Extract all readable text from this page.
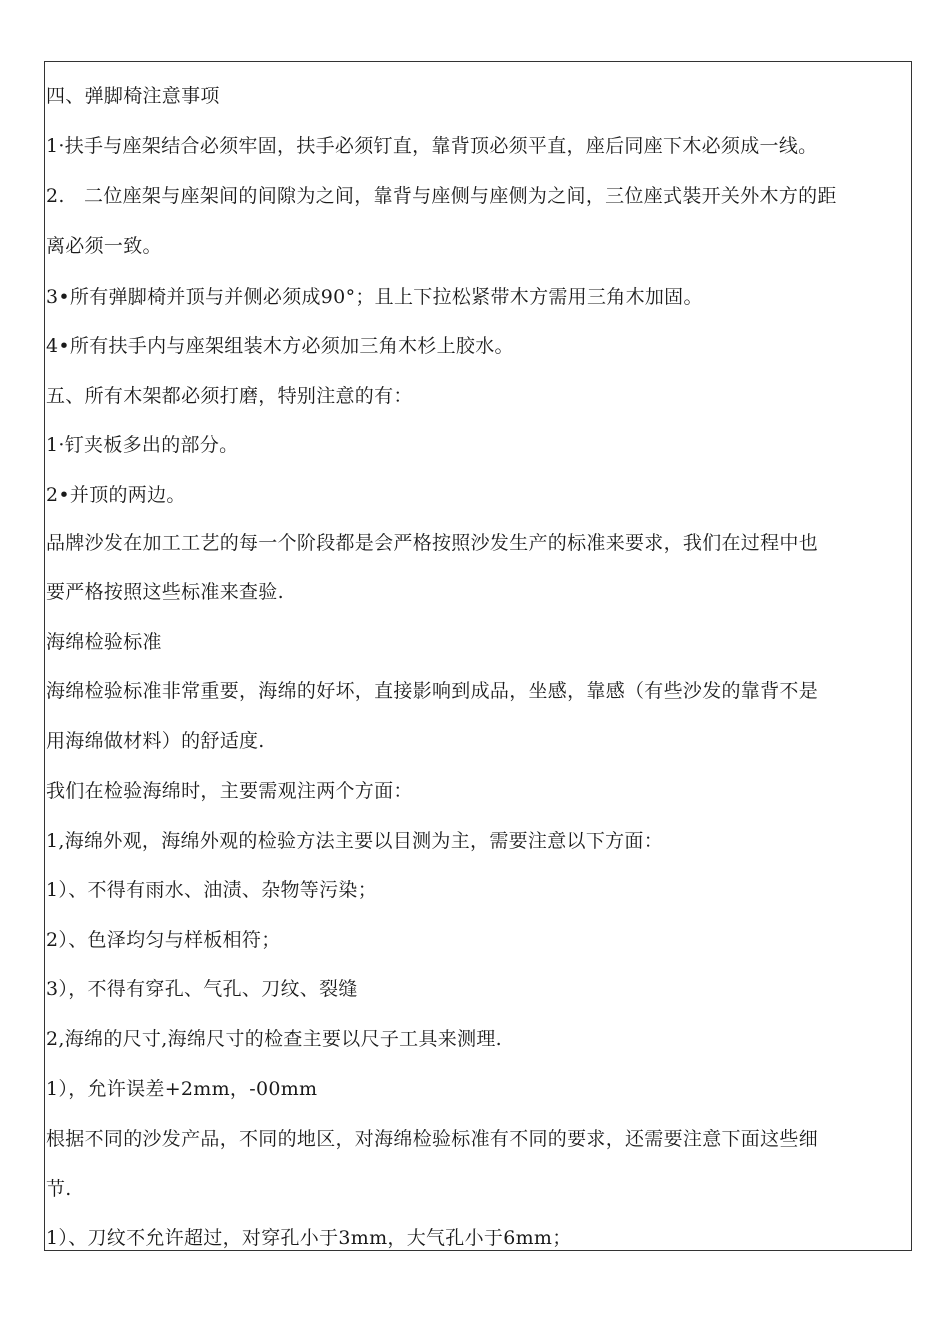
四、弹脚椅注意事项
1·扶手与座架结合必须牢固，扶手必须钉直，靠背顶必须平直，座后同座下木必须成一线。
2.　二位座架与座架间的间隙为之间，靠背与座侧与座侧为之间，三位座式裝开关外木方的距
离必须一致。
3•所有弹脚椅并顶与并侧必须成90°；且上下拉松紧带木方需用三角木加固。
4•所有扶手内与座架组装木方必须加三角木杉上胶水。
五、所有木架都必须打磨，特别注意的有：
1·钉夹板多出的部分。
2•并顶的两边。
品牌沙发在加工工艺的每一个阶段都是会严格按照沙发生产的标准来要求，我们在过程中也
要严格按照这些标准来查验.
海绵检验标准
海绵检验标准非常重要，海绵的好坏，直接影响到成品，坐感，靠感（有些沙发的靠背不是
用海绵做材料）的舒适度.
我们在检验海绵时，主要需观注两个方面：
1,海绵外观，海绵外观的检验方法主要以目测为主，需要注意以下方面：
1）、不得有雨水、油渍、杂物等污染；
2）、色泽均匀与样板相符；
3），不得有穿孔、气孔、刀纹、裂缝
2,海绵的尺寸,海绵尺寸的检查主要以尺子工具来测理.
1），允许误差+2mm，-00mm
根据不同的沙发产品，不同的地区，对海绵检验标准有不同的要求，还需要注意下面这些细
节.
1）、刀纹不允许超过，对穿孔小于3mm，大气孔小于6mm；
